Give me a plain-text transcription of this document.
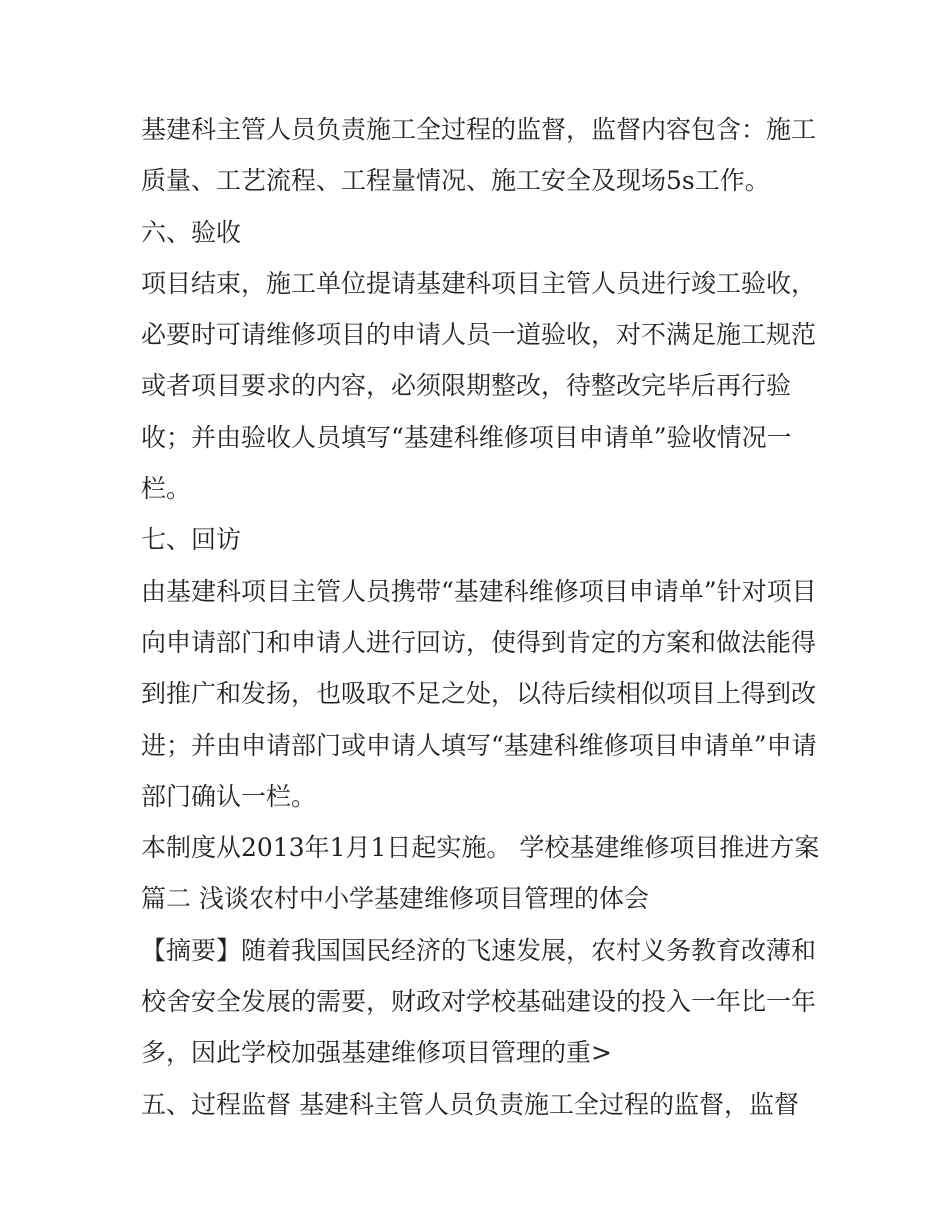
基建科主管人员负责施工全过程的监督，监督内容包含：施工

质量、工艺流程、工程量情况、施工安全及现场5s工作。

六、验收

项目结束，施工单位提请基建科项目主管人员进行竣工验收，

必要时可请维修项目的申请人员一道验收，对不满足施工规范

或者项目要求的内容，必须限期整改，待整改完毕后再行验

收；并由验收人员填写“基建科维修项目申请单”验收情况一

栏。

七、回访

由基建科项目主管人员携带“基建科维修项目申请单”针对项目

向申请部门和申请人进行回访，使得到肯定的方案和做法能得

到推广和发扬，也吸取不足之处，以待后续相似项目上得到改

进；并由申请部门或申请人填写“基建科维修项目申请单”申请

部门确认一栏。

本制度从2013年1月1日起实施。 学校基建维修项目推进方案

篇二 浅谈农村中小学基建维修项目管理的体会

【摘要】随着我国国民经济的飞速发展，农村义务教育改薄和

校舍安全发展的需要，财政对学校基础建设的投入一年比一年

多，因此学校加强基建维修项目管理的重>

五、过程监督 基建科主管人员负责施工全过程的监督，监督
